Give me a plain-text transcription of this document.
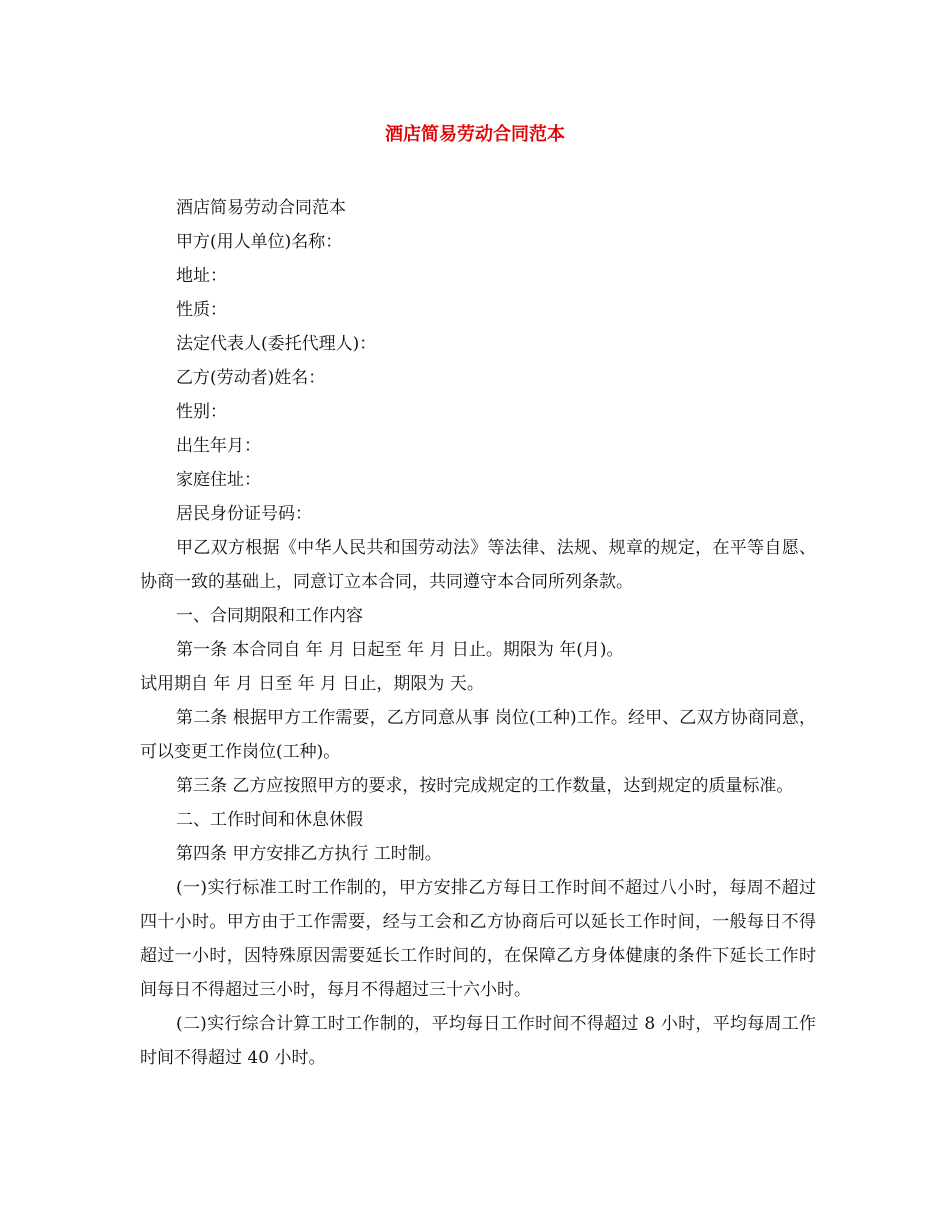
酒店简易劳动合同范本

酒店简易劳动合同范本

甲方(用人单位)名称：

地址：

性质：

法定代表人(委托代理人)：

乙方(劳动者)姓名：

性别：

出生年月：

家庭住址：

居民身份证号码：

甲乙双方根据《中华人民共和国劳动法》等法律、法规、规章的规定，在平等自愿、协商一致的基础上，同意订立本合同，共同遵守本合同所列条款。

一、合同期限和工作内容

第一条 本合同自 年 月 日起至 年 月 日止。期限为 年(月)。

试用期自 年 月 日至 年 月 日止，期限为 天。

第二条 根据甲方工作需要，乙方同意从事 岗位(工种)工作。经甲、乙双方协商同意，可以变更工作岗位(工种)。

第三条 乙方应按照甲方的要求，按时完成规定的工作数量，达到规定的质量标准。

二、工作时间和休息休假

第四条 甲方安排乙方执行 工时制。

(一)实行标准工时工作制的，甲方安排乙方每日工作时间不超过八小时，每周不超过四十小时。甲方由于工作需要，经与工会和乙方协商后可以延长工作时间，一般每日不得超过一小时，因特殊原因需要延长工作时间的，在保障乙方身体健康的条件下延长工作时间每日不得超过三小时，每月不得超过三十六小时。

(二)实行综合计算工时工作制的，平均每日工作时间不得超过 8 小时，平均每周工作时间不得超过 40 小时。
